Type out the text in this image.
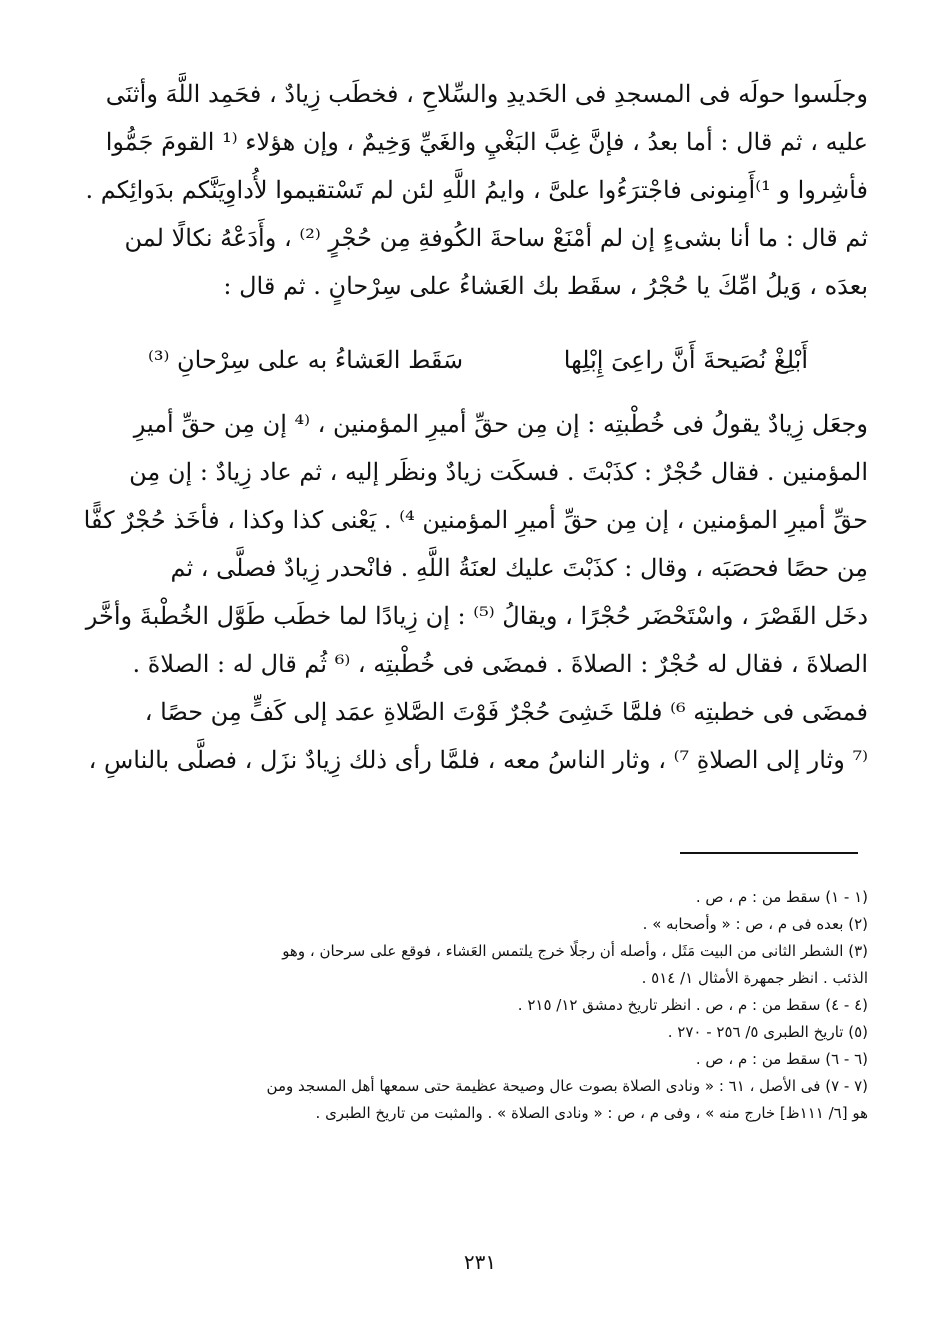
وجلَسوا حولَه فى المسجدِ فى الحَديدِ والسِّلاحِ ، فخطَب زِيادٌ ، فحَمِد اللَّهَ وأثنَى
عليه ، ثم قال : أما بعدُ ، فإنَّ غِبَّ البَغْيِ والغَيِّ وَخِيمٌ ، وإن هؤلاء ⁽¹ القومَ جَمُّوا
فأشِروا و ¹⁾أَمِنونى فاجْترَءُوا علىَّ ، وايمُ اللَّهِ لئن لم تَسْتقيموا لأُداوِيَنَّكم بدَوائِكم .
ثم قال : ما أنا بشىءٍ إن لم أمْنَعْ ساحةَ الكُوفةِ مِن حُجْرٍ ⁽²⁾ ، وأَدَعْهُ نكالًا لمن
بعدَه ، وَيلُ امِّكَ يا حُجْرُ ، سقَط بك العَشاءُ على سِرْحانٍ . ثم قال :
أَبْلِغْ نُصَيحةَ أَنَّ راعِىَ إِبْلِها
سَقَط العَشاءُ به على سِرْحانِ ⁽³⁾
وجعَل زِيادٌ يقولُ فى خُطْبتِه : إن مِن حقِّ أميرِ المؤمنين ، ⁽⁴ إن مِن حقِّ أميرِ
المؤمنين . فقال حُجْرٌ : كذَبْتَ . فسكَت زيادٌ ونظَر إليه ، ثم عاد زِيادٌ : إن مِن
حقِّ أميرِ المؤمنين ، إن مِن حقِّ أميرِ المؤمنين ⁴⁾ . يَعْنى كذا وكذا ، فأخَذ حُجْرٌ كفًّا
مِن حصًا فحصَبَه ، وقال : كذَبْتَ عليك لعنَةُ اللَّهِ . فانْحدر زِيادٌ فصلَّى ، ثم
دخَل القَصْرَ ، واسْتَحْضَر حُجْرًا ، ويقالُ ⁽⁵⁾ : إن زِيادًا لما خطَب طَوَّل الخُطْبةَ وأخَّر
الصلاةَ ، فقال له حُجْرٌ : الصلاةَ . فمضَى فى خُطْبتِه ، ⁽⁶ ثُم قال له : الصلاةَ .
فمضَى فى خطبتِه ⁶⁾ فلمَّا خَشِىَ حُجْرٌ فَوْتَ الصَّلاةِ عمَد إلى كَفٍّ مِن حصًا ،
⁽⁷ وثار إلى الصلاةِ ⁷⁾ ، وثار الناسُ معه ، فلمَّا رأى ذلك زِيادٌ نزَل ، فصلَّى بالناسِ ،
(١ - ١) سقط من : م ، ص .
(٢) بعده فى م ، ص : « وأصحابه » .
(٣) الشطر الثانى من البيت مَثَل ، وأصله أن رجلًا خرج يلتمس العَشاء ، فوقع على سرحان ، وهو
الذئب . انظر جمهرة الأمثال ١/ ٥١٤ .
(٤ - ٤) سقط من : م ، ص . انظر تاريخ دمشق ١٢/ ٢١٥ .
(٥) تاريخ الطبرى ٥/ ٢٥٦ - ٢٧٠ .
(٦ - ٦) سقط من : م ، ص .
(٧ - ٧) فى الأصل ، ٦١ : « ونادى الصلاة بصوت عال وصيحة عظيمة حتى سمعها أهل المسجد ومن
هو [٦/ ١١١ظ] خارج منه » ، وفى م ، ص : « ونادى الصلاة » . والمثبت من تاريخ الطبرى .
٢٣١
